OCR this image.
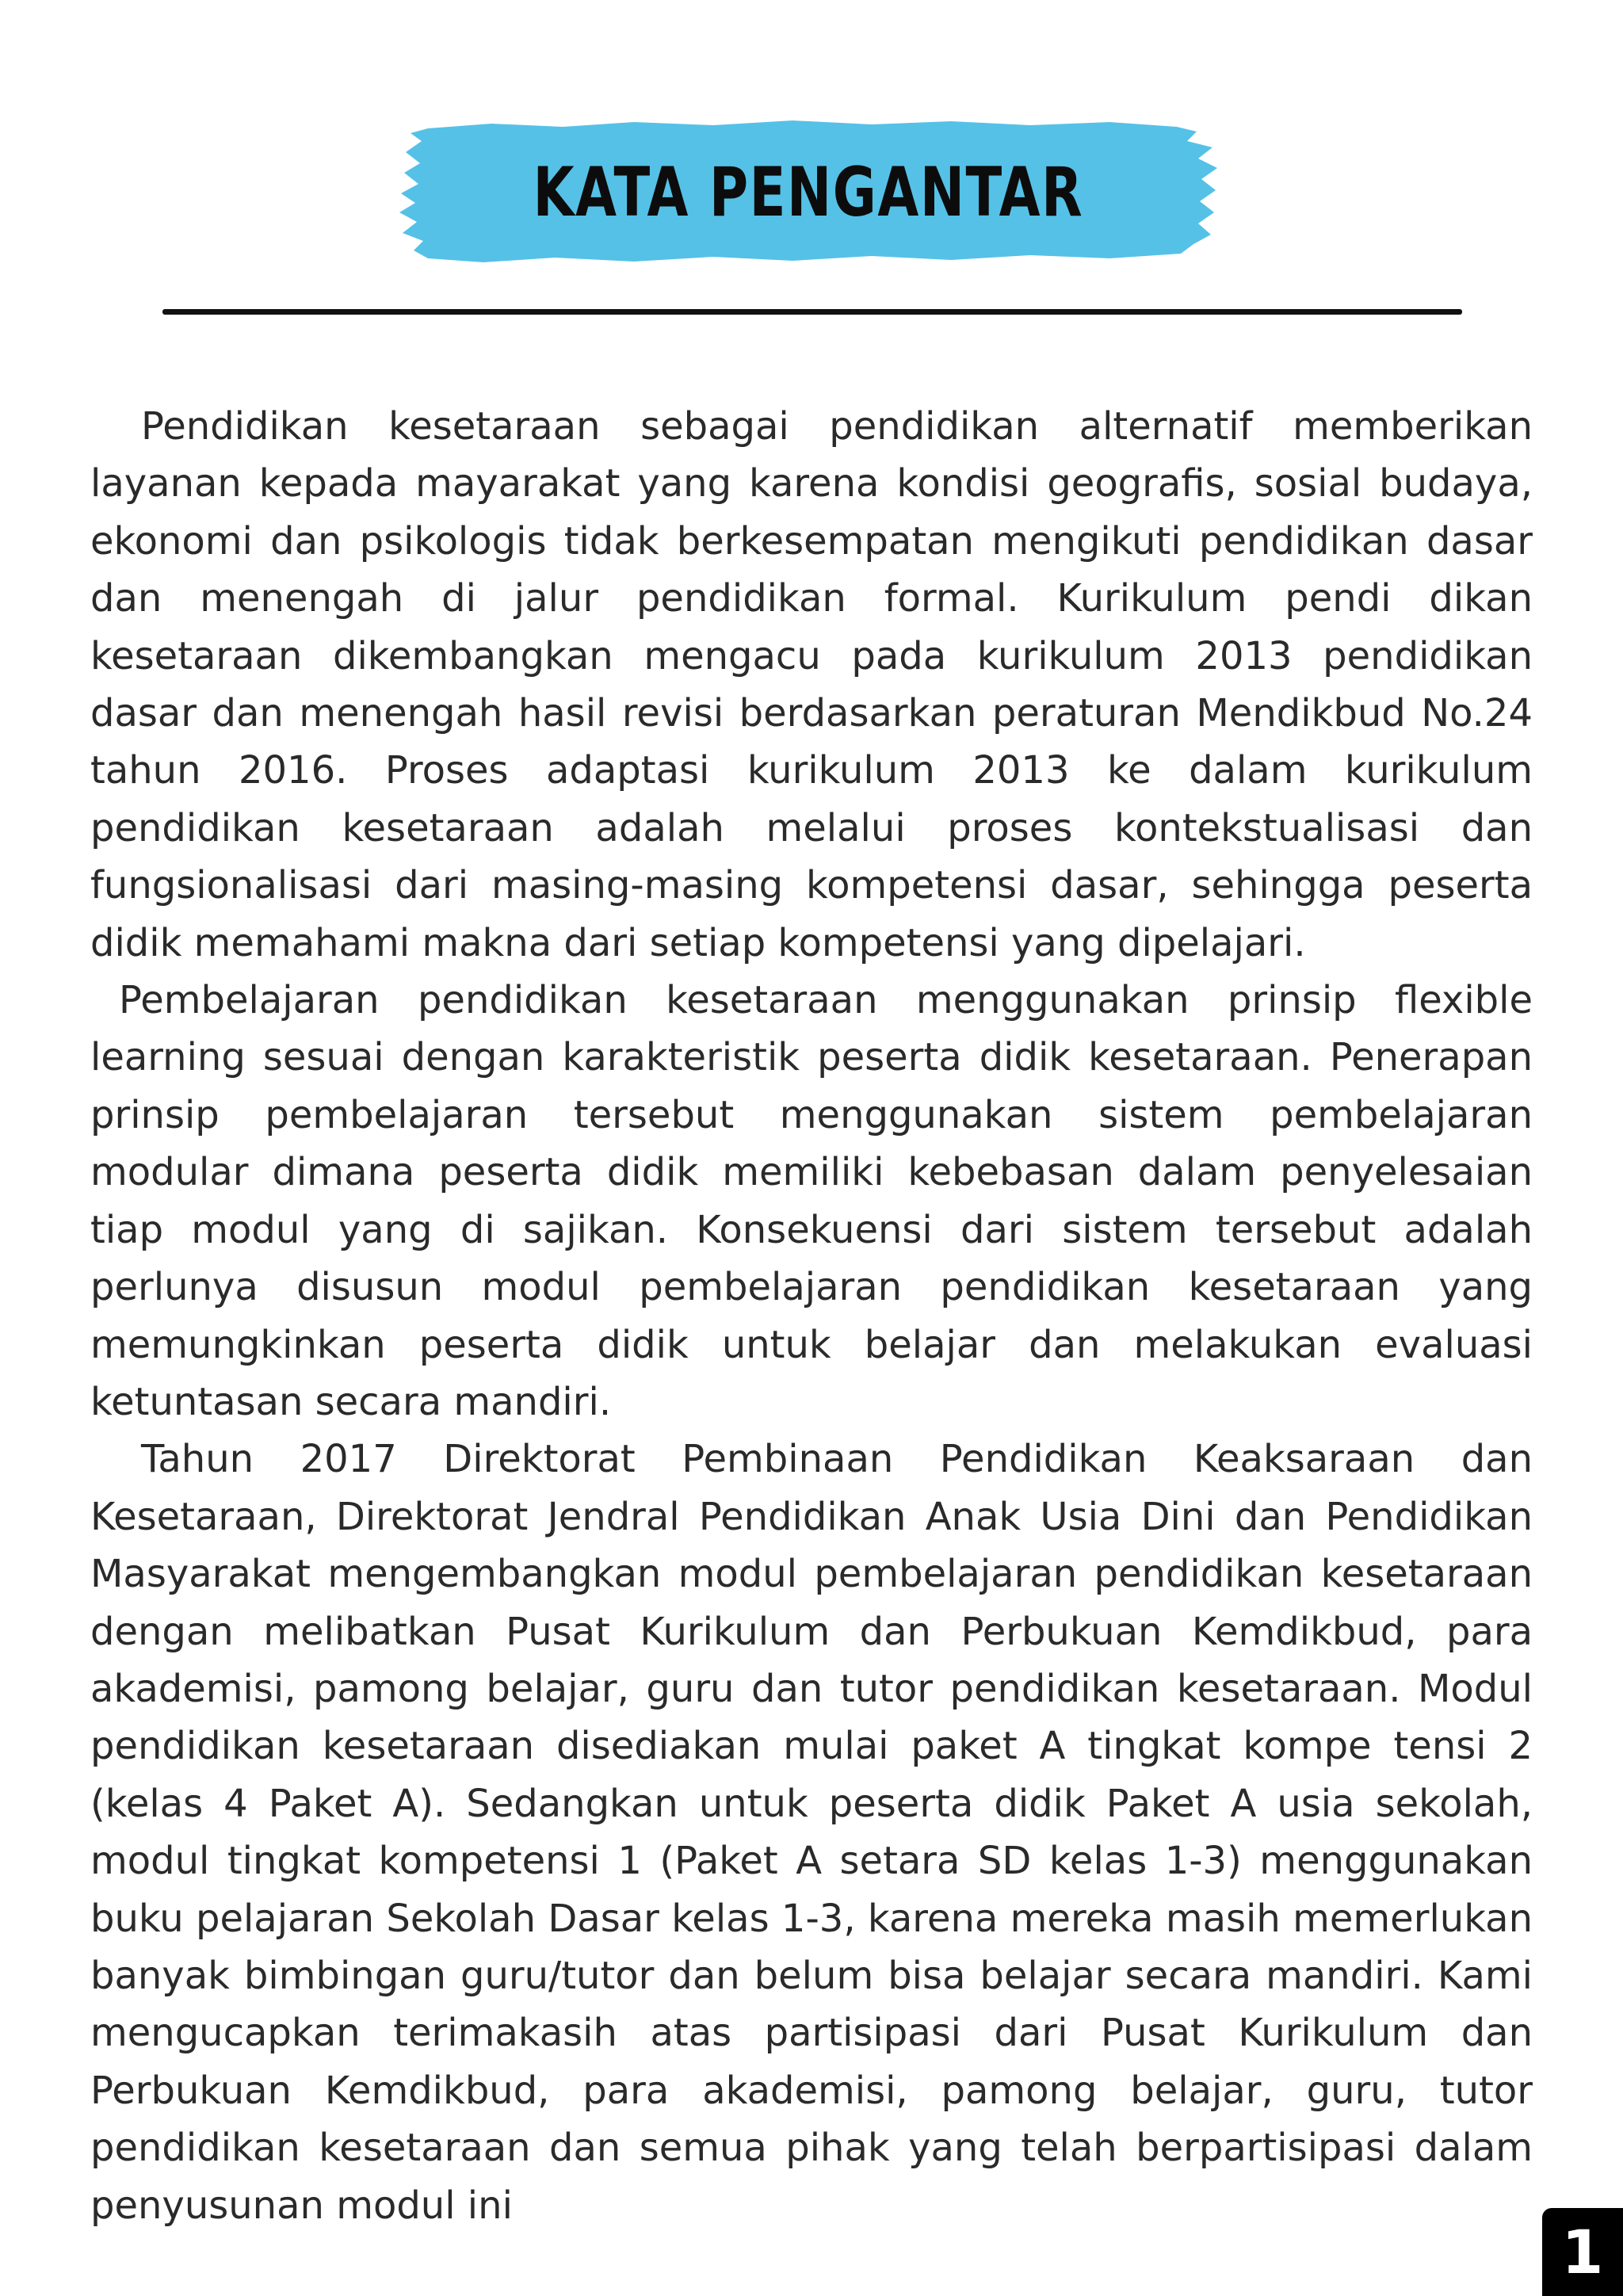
KATA PENGANTAR

Pendidikan kesetaraan sebagai pendidikan alternatif memberikan layanan kepada mayarakat yang karena kondisi geografis, sosial budaya, ekonomi dan psikologis tidak berkesempatan mengikuti pendidikan dasar dan menengah di jalur pendidikan formal. Kurikulum pendi dikan kesetaraan dikembangkan mengacu pada kurikulum 2013 pendidikan dasar dan menengah hasil revisi berdasarkan peraturan Mendikbud No.24 tahun 2016. Proses adaptasi kurikulum 2013 ke dalam kurikulum pendidikan kesetaraan adalah melalui proses kontekstualisasi dan fungsionalisasi dari masing-masing kompetensi dasar, sehingga peserta didik memahami makna dari setiap kompetensi yang dipelajari.

Pembelajaran pendidikan kesetaraan menggunakan prinsip flexible learning sesuai dengan karakteristik peserta didik kesetaraan. Penerapan prinsip pembelajaran tersebut menggunakan sistem pembelajaran modular dimana peserta didik memiliki kebebasan dalam penyelesaian tiap modul yang di sajikan. Konsekuensi dari sistem tersebut adalah perlunya disusun modul pembelajaran pendidikan kesetaraan yang memungkinkan peserta didik untuk belajar dan melakukan evaluasi ketuntasan secara mandiri.

Tahun 2017 Direktorat Pembinaan Pendidikan Keaksaraan dan Kesetaraan, Direktorat Jendral Pendidikan Anak Usia Dini dan Pendidikan Masyarakat mengembangkan modul pembelajaran pendidikan kesetaraan dengan melibatkan Pusat Kurikulum dan Perbukuan Kemdikbud, para akademisi, pamong belajar, guru dan tutor pendidikan kesetaraan. Modul pendidikan kesetaraan disediakan mulai paket A tingkat kompe tensi 2 (kelas 4 Paket A). Sedangkan untuk peserta didik Paket A usia sekolah, modul tingkat kompetensi 1 (Paket A setara SD kelas 1-3) menggunakan buku pelajaran Sekolah Dasar kelas 1-3, karena mereka masih memerlukan banyak bimbingan guru/tutor dan belum bisa belajar secara mandiri. Kami mengucapkan terimakasih atas partisipasi dari Pusat Kurikulum dan Perbukuan Kemdikbud, para akademisi, pamong belajar, guru, tutor pendidikan kesetaraan dan semua pihak yang telah berpartisipasi dalam penyusunan modul ini

1
